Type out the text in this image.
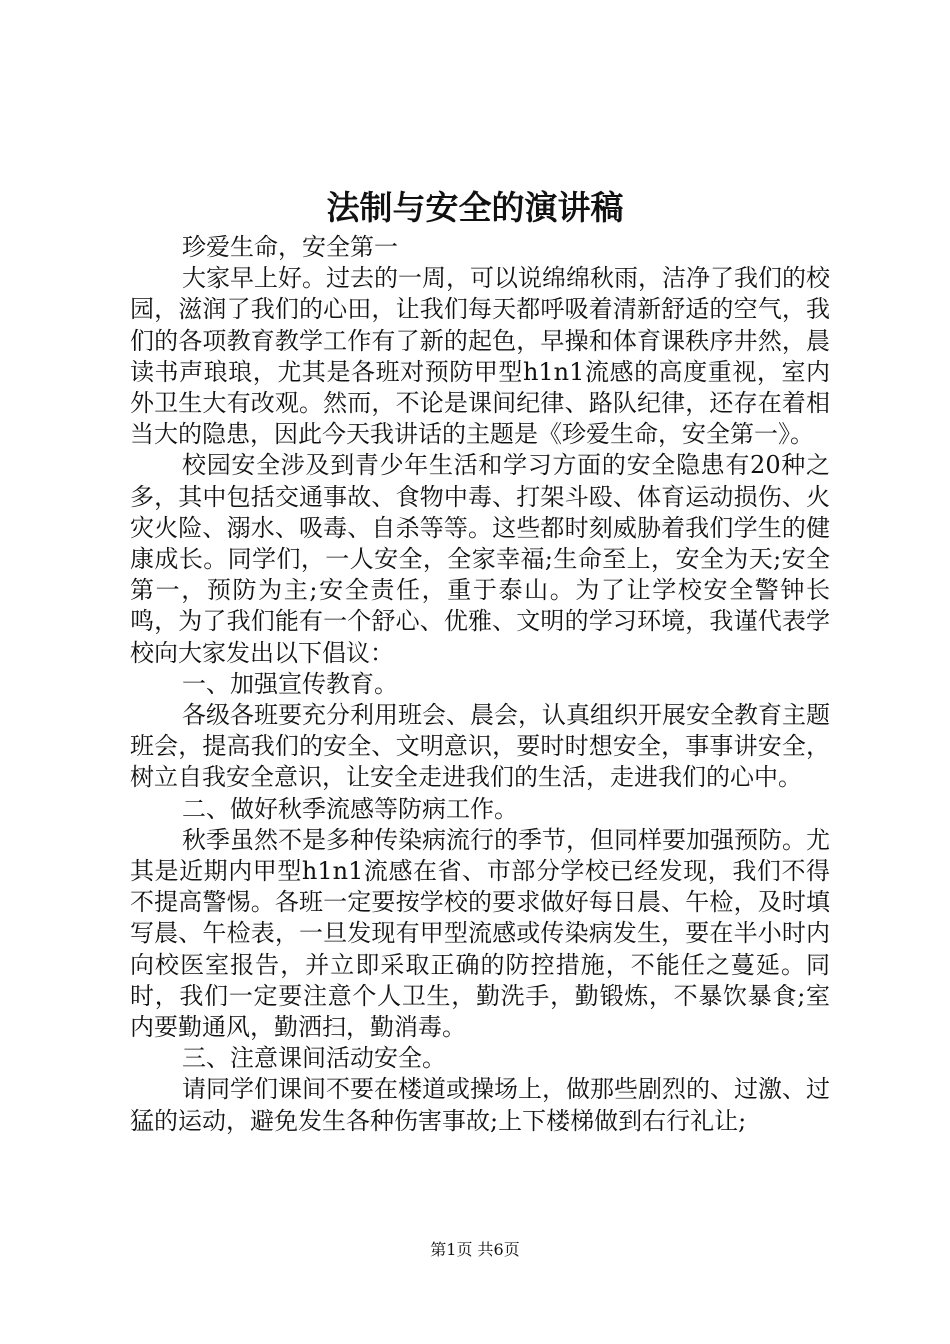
法制与安全的演讲稿

珍爱生命，安全第一

大家早上好。过去的一周，可以说绵绵秋雨，洁净了我们的校园，滋润了我们的心田，让我们每天都呼吸着清新舒适的空气，我们的各项教育教学工作有了新的起色，早操和体育课秩序井然，晨读书声琅琅，尤其是各班对预防甲型h1n1流感的高度重视，室内外卫生大有改观。然而，不论是课间纪律、路队纪律，还存在着相当大的隐患，因此今天我讲话的主题是《珍爱生命，安全第一》。

校园安全涉及到青少年生活和学习方面的安全隐患有20种之多，其中包括交通事故、食物中毒、打架斗殴、体育运动损伤、火灾火险、溺水、吸毒、自杀等等。这些都时刻威胁着我们学生的健康成长。同学们，一人安全，全家幸福;生命至上，安全为天;安全第一，预防为主;安全责任，重于泰山。为了让学校安全警钟长鸣，为了我们能有一个舒心、优雅、文明的学习环境，我谨代表学校向大家发出以下倡议：

一、加强宣传教育。

各级各班要充分利用班会、晨会，认真组织开展安全教育主题班会，提高我们的安全、文明意识，要时时想安全，事事讲安全，树立自我安全意识，让安全走进我们的生活，走进我们的心中。

二、做好秋季流感等防病工作。

秋季虽然不是多种传染病流行的季节，但同样要加强预防。尤其是近期内甲型h1n1流感在省、市部分学校已经发现，我们不得不提高警惕。各班一定要按学校的要求做好每日晨、午检，及时填写晨、午检表，一旦发现有甲型流感或传染病发生，要在半小时内向校医室报告，并立即采取正确的防控措施，不能任之蔓延。同时，我们一定要注意个人卫生，勤洗手，勤锻炼，不暴饮暴食;室内要勤通风，勤洒扫，勤消毒。

三、注意课间活动安全。

请同学们课间不要在楼道或操场上，做那些剧烈的、过激、过猛的运动，避免发生各种伤害事故;上下楼梯做到右行礼让;

第1页 共6页
